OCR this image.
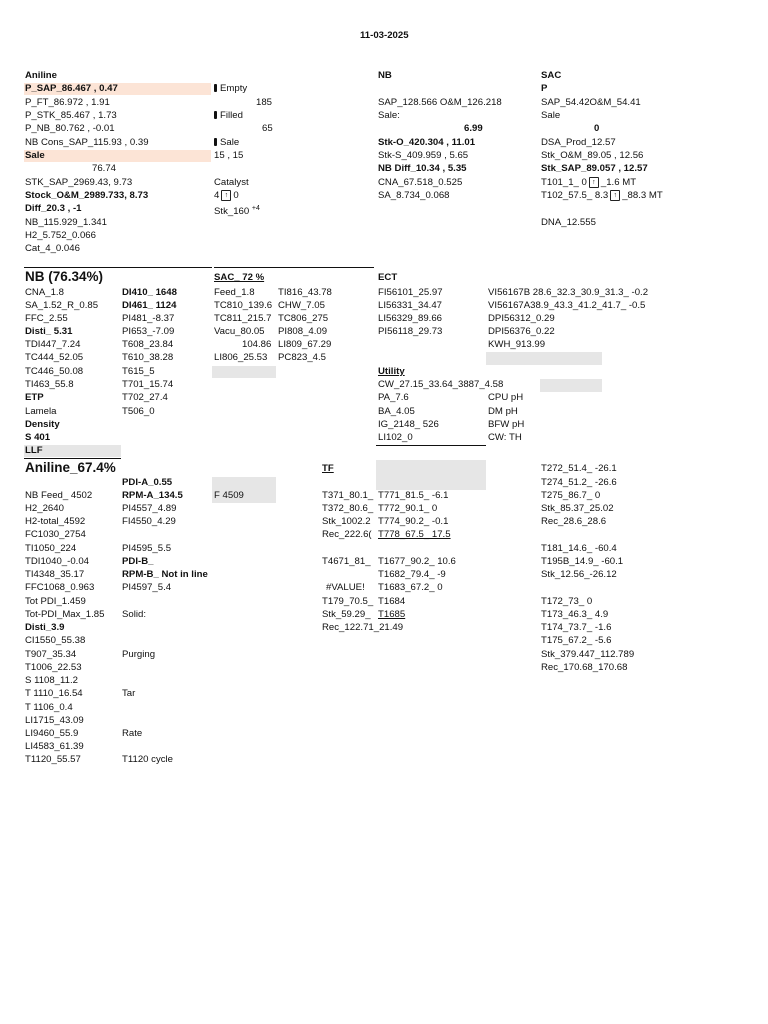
11-03-2025
Aniline
P_SAP_86.467 , 0.47
P_FT_86.972 , 1.91
P_STK_85.467 , 1.73
P_NB_80.762 , -0.01
NB Cons_SAP_115.93 , 0.39
Sale
76.74
STK_SAP_2969.43, 9.73
Stock_O&M_2989.733, 8.73
Diff_20.3 , -1
NB_115.929_1.341
H2_5.752_0.066
Cat_4_0.046
Empty
185
Filled
65
Sale
15 , 15
Catalyst
4 ↑ 0
Stk_160 $^{+4}$
NB
SAP_128.566 O&M_126.218
Sale:
6.99
Stk-O_420.304 , 11.01
Stk-S_409.959 , 5.65
NB Diff_10.34 , 5.35
CNA_67.518_0.525
SA_8.734_0.068
SAC
P
SAP_54.42O&M_54.41
Sale
0
DSA_Prod_12.57
Stk_O&M_89.05 , 12.56
Stk_SAP_89.057 , 12.57
T101_1_ 0 ↑ _1.6 MT
T102_57.5_ 8.3 ↑ _88.3 MT
DNA_12.555
NB (76.34%)
CNA_1.8
SA_1.52_R_0.85
FFC_2.55
Disti_ 5.31
TDI447_7.24
TC444_52.05
TC446_50.08
TI463_55.8
ETP
Lamela
Density
S 401
LLF
DI410_ 1648
DI461_ 1124
PI481_-8.37
PI653_-7.09
T608_23.84
T610_38.28
T615_5
T701_15.74
T702_27.4
T506_0
SAC_ 72 %
Feed_1.8
TC810_139.6
TC811_215.7
Vacu_80.05
104.86
LI806_25.53
TI816_43.78
CHW_7.05
TC806_275
PI808_4.09
LI809_67.29
PC823_4.5
ECT
FI56101_25.97
LI56331_34.47
LI56329_89.66
PI56118_29.73
VI56167B 28.6_32.3_30.9_31.3_ -0.2
VI56167A38.9_43.3_41.2_41.7_ -0.5
DPI56312_0.29
DPI56376_0.22
KWH_913.99
Utility
CW_27.15_33.64_3887_4.58
PA_7.6
BA_4.05
IG_2148_ 526
LI102_0
CPU pH
DM pH
BFW pH
CW: TH
Aniline_67.4%
NB Feed_ 4502
H2_2640
H2-total_4592
FC1030_2754
TI1050_224
TDI1040_-0.04
TI4348_35.17
FFC1068_0.963
Tot PDI_1.459
Tot-PDI_Max_1.85
Disti_3.9
CI1550_55.38
T907_35.34
T1006_22.53
S 1108_11.2
T 1110_16.54
T 1106_0.4
LI1715_43.09
LI9460_55.9
LI4583_61.39
T1120_55.57
PDI-A_0.55
RPM-A_134.5	F 4509
PI4557_4.89
FI4550_4.29
PI4595_5.5
PDI-B_
RPM-B_ Not in line
PI4597_5.4
Solid:
Purging
Tar
Rate
T1120 cycle
TF
T371_80.1_
T372_80.6_
Stk_1002.2
Rec_222.6(
T771_81.5_ -6.1
T772_90.1_ 0
T774_90.2_ -0.1
T778_67.5_ 17.5
T4671_81_ T1677_90.2_ 10.6
T1682_79.4_ -9
#VALUE! T1683_67.2_ 0
T179_70.5_ T1684
Stk_59.29_ T1685
Rec_122.71_21.49
T272_51.4_ -26.1
T274_51.2_ -26.6
T275_86.7_ 0
Stk_85.37_25.02
Rec_28.6_28.6
T181_14.6_ -60.4
T195B_14.9_ -60.1
Stk_12.56_-26.12
T172_73_ 0
T173_46.3_ 4.9
T174_73.7_ -1.6
T175_67.2_ -5.6
Stk_379.447_112.789
Rec_170.68_170.68
